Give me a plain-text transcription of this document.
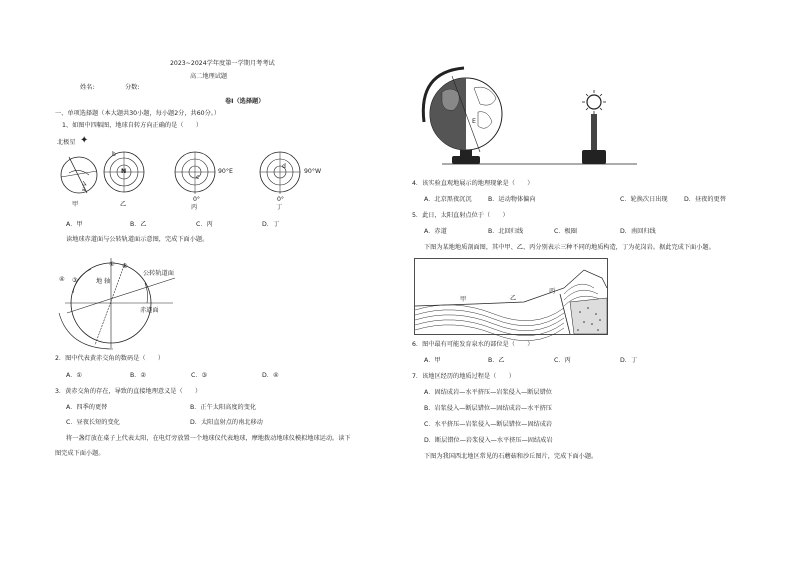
2023~2024学年度第一学期月考考试
高二地理试题
姓名:	分数:
卷I（选择题）
一、单项选择题（本大题共30小题，每小题2分，共60分。）
1、如图中四幅图，地球自转方向正确的是（　　）
北极星 ✦
a
b
N
c
90°E
0°
d
90°W
0°
甲	乙	丙	丁
A．甲	B．乙	C．丙	D．丁
读地球赤道面与公转轨道面示意图，完成下面小题。
① ②
③
④	地 轴
公转轨道面
赤道面
2．图中代表黄赤交角的数码是（　　）
A．①	B．②	C．③	D．④
3．黄赤交角的存在，导致的直接地理意义是（　　）
A．四季的更替	B．正午太阳高度的变化
C．昼夜长短的变化	D．太阳直射点的南北移动
将一盏灯放在桌子上代表太阳，在电灯旁放置一个地球仪代表地球，摩地拨动地球仪模拟地球运动。读下
图完成下面小题。
E
4．该实验直观地展示的地理现象是（　　）
A．北京黑夜沉沉	B．运动物体偏向	C．轮换次日出现	D．昼夜的更替
5．此日，太阳直射点位于（　　）
A．赤道	B．北回归线	C．极圈	D．南回归线
下图为某地地质剖面图，其中甲、乙、丙分别表示三种不同的地质构造，丁为花岗岩。据此完成下面小题。
甲	乙
丙
6．图中最有可能发育泉水的部位是（　　）
A．甲	B．乙	C．丙	D．丁
7．该地区经历的地质过程是（　　）
A．固结成岩—水平挤压—岩浆侵入—断层错位
B．岩浆侵入—断层错位—固结成岩—水平挤压
C．水平挤压—岩浆侵入—断层错位—固结成岩
D．断层错位—岩浆侵入—水平挤压—固结成岩
下图为我国西北地区常见的石蘑菇和沙丘图片，完成下面小题。
